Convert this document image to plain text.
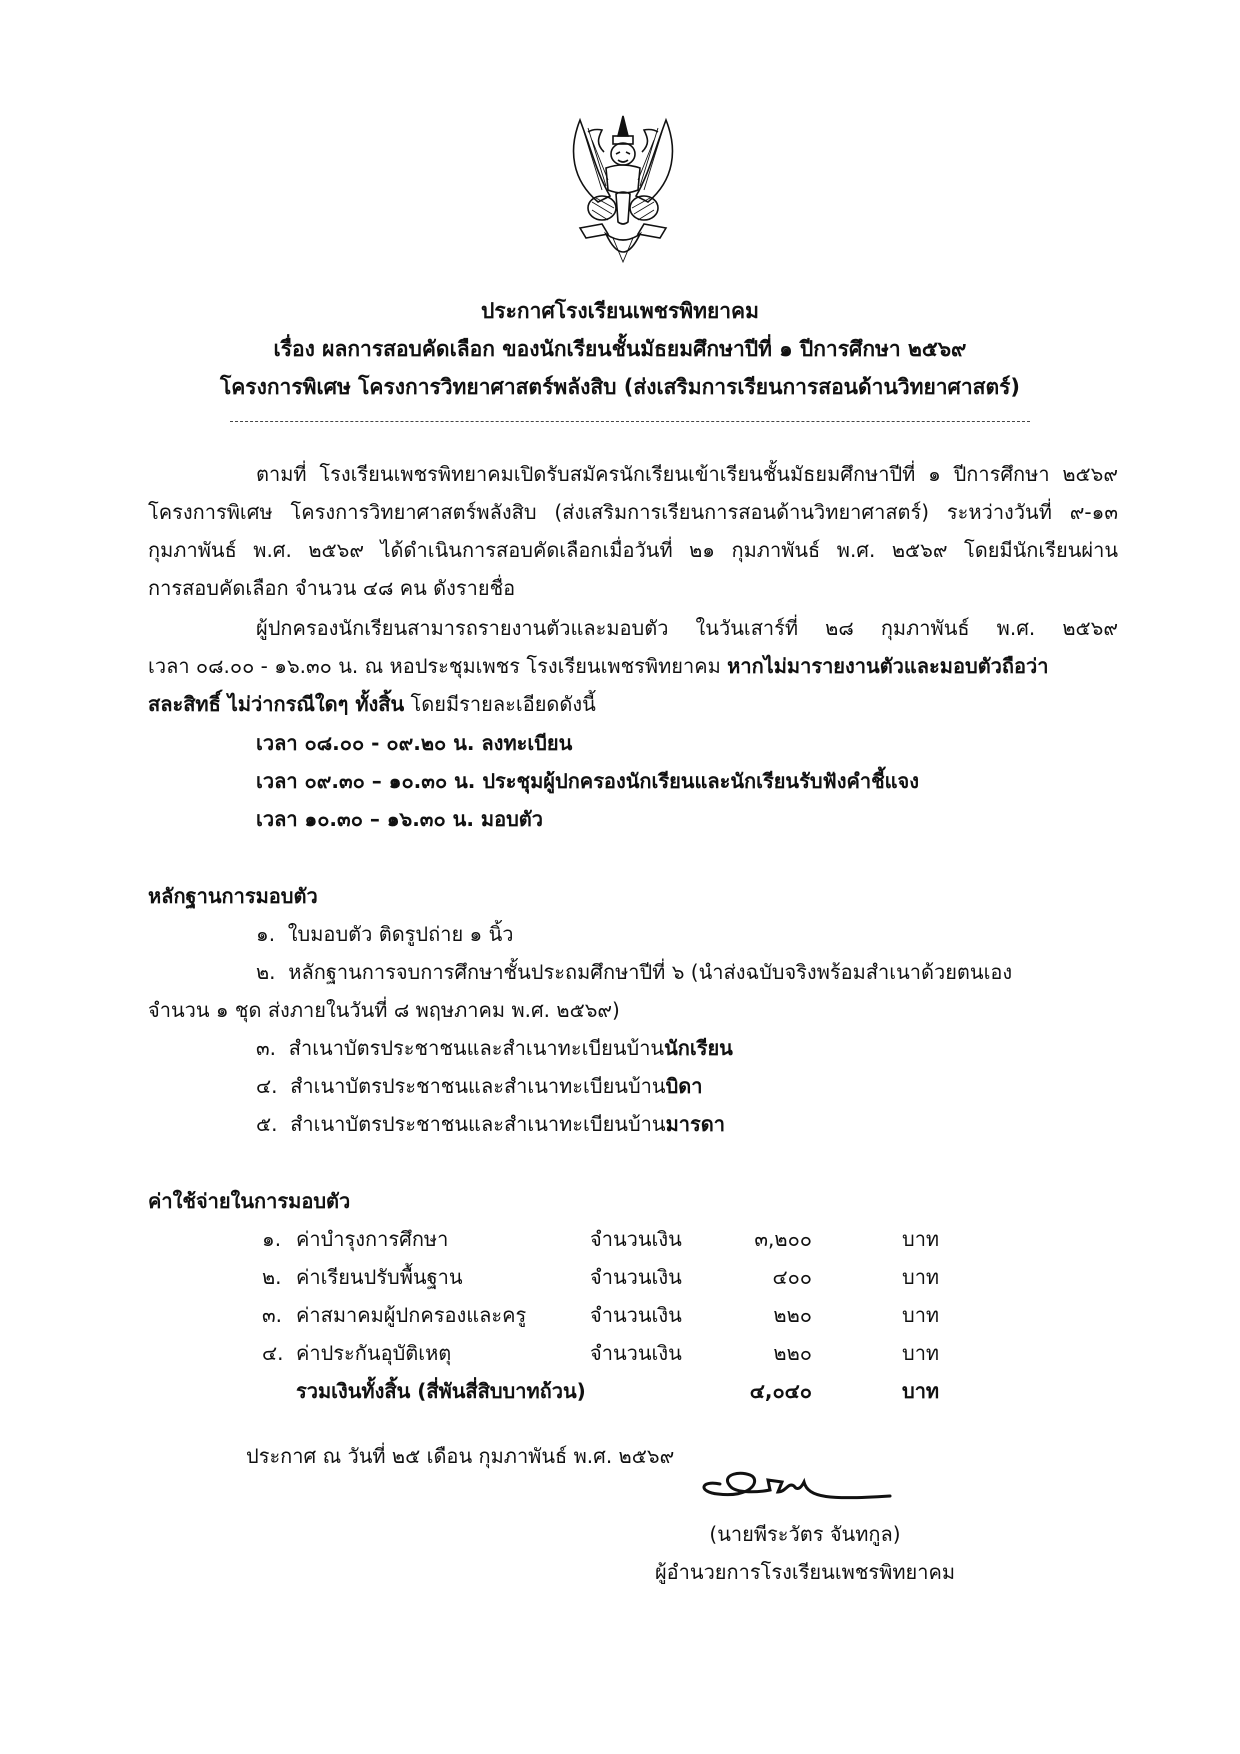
ประกาศโรงเรียนเพชรพิทยาคม
เรื่อง ผลการสอบคัดเลือก ของนักเรียนชั้นมัธยมศึกษาปีที่ ๑ ปีการศึกษา ๒๕๖๙
โครงการพิเศษ โครงการวิทยาศาสตร์พลังสิบ (ส่งเสริมการเรียนการสอนด้านวิทยาศาสตร์)
ตามที่ โรงเรียนเพชรพิทยาคมเปิดรับสมัครนักเรียนเข้าเรียนชั้นมัธยมศึกษาปีที่ ๑ ปีการศึกษา ๒๕๖๙
โครงการพิเศษ โครงการวิทยาศาสตร์พลังสิบ (ส่งเสริมการเรียนการสอนด้านวิทยาศาสตร์) ระหว่างวันที่ ๙-๑๓
กุมภาพันธ์ พ.ศ. ๒๕๖๙ ได้ดำเนินการสอบคัดเลือกเมื่อวันที่ ๒๑ กุมภาพันธ์ พ.ศ. ๒๕๖๙ โดยมีนักเรียนผ่าน
การสอบคัดเลือก จำนวน ๔๘ คน ดังรายชื่อ
ผู้ปกครองนักเรียนสามารถรายงานตัวและมอบตัว ในวันเสาร์ที่ ๒๘ กุมภาพันธ์ พ.ศ. ๒๕๖๙
เวลา ๐๘.๐๐ - ๑๖.๓๐ น. ณ หอประชุมเพชร โรงเรียนเพชรพิทยาคม หากไม่มารายงานตัวและมอบตัวถือว่า
สละสิทธิ์ ไม่ว่ากรณีใดๆ ทั้งสิ้น โดยมีรายละเอียดดังนี้
เวลา ๐๘.๐๐ - ๐๙.๒๐ น. ลงทะเบียน
เวลา ๐๙.๓๐ – ๑๐.๓๐ น. ประชุมผู้ปกครองนักเรียนและนักเรียนรับฟังคำชี้แจง
เวลา ๑๐.๓๐ – ๑๖.๓๐ น. มอบตัว
หลักฐานการมอบตัว
๑. ใบมอบตัว ติดรูปถ่าย ๑ นิ้ว
๒. หลักฐานการจบการศึกษาชั้นประถมศึกษาปีที่ ๖ (นำส่งฉบับจริงพร้อมสำเนาด้วยตนเอง
จำนวน ๑ ชุด ส่งภายในวันที่ ๘ พฤษภาคม พ.ศ. ๒๕๖๙)
๓. สำเนาบัตรประชาชนและสำเนาทะเบียนบ้านนักเรียน
๔. สำเนาบัตรประชาชนและสำเนาทะเบียนบ้านบิดา
๕. สำเนาบัตรประชาชนและสำเนาทะเบียนบ้านมารดา
ค่าใช้จ่ายในการมอบตัว
๑. ค่าบำรุงการศึกษา	จำนวนเงิน	๓,๒๐๐	บาท
๒. ค่าเรียนปรับพื้นฐาน	จำนวนเงิน	๔๐๐	บาท
๓. ค่าสมาคมผู้ปกครองและครู	จำนวนเงิน	๒๒๐	บาท
๔. ค่าประกันอุบัติเหตุ	จำนวนเงิน	๒๒๐	บาท
รวมเงินทั้งสิ้น (สี่พันสี่สิบบาทถ้วน)	๔,๐๔๐	บาท
ประกาศ ณ วันที่ ๒๕ เดือน กุมภาพันธ์ พ.ศ. ๒๕๖๙
(นายพีระวัตร จันทกูล)
ผู้อำนวยการโรงเรียนเพชรพิทยาคม
